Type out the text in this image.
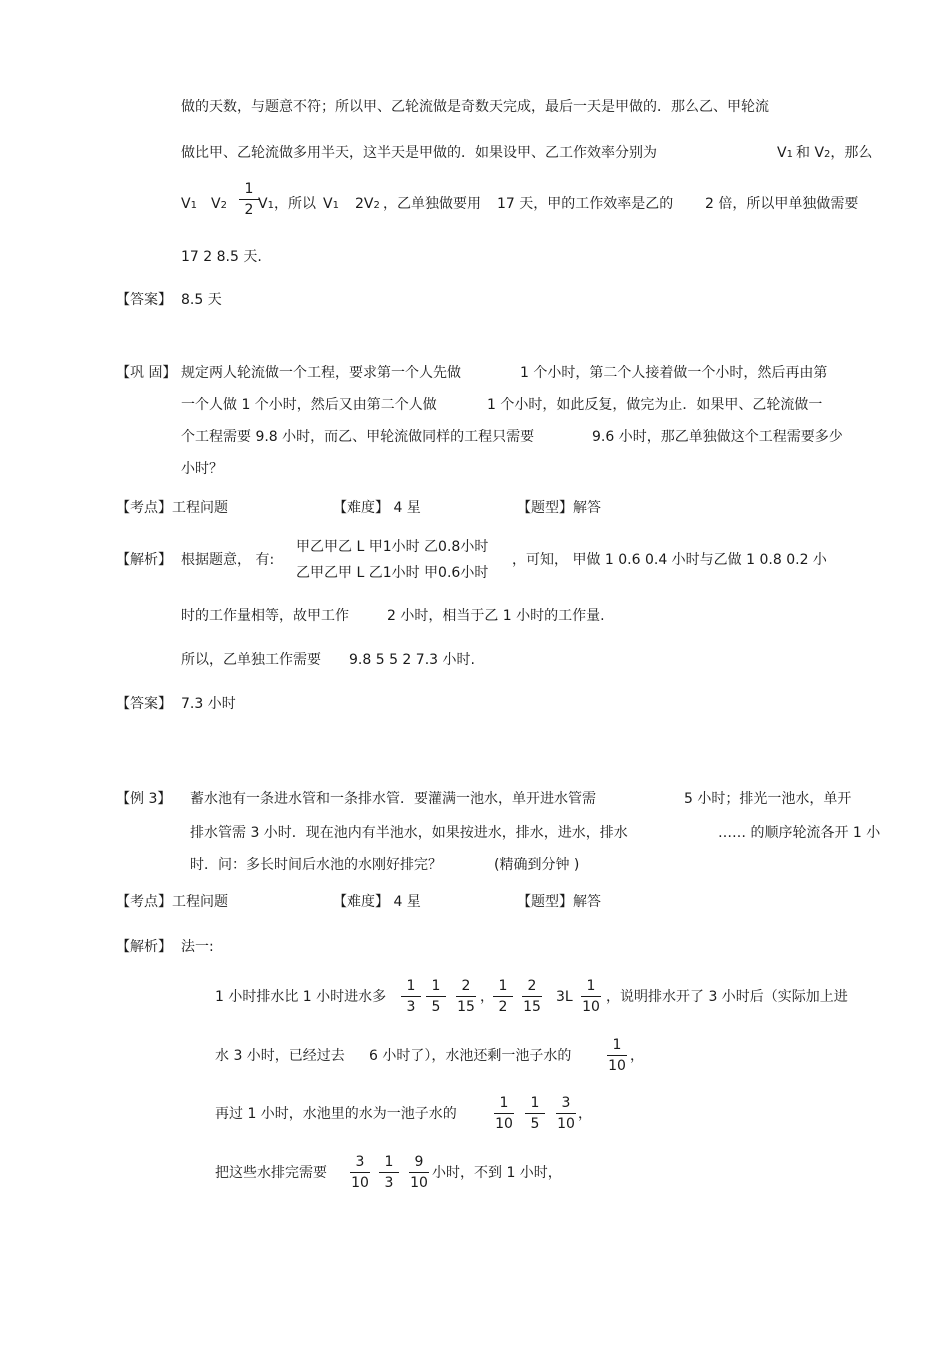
做的天数，与题意不符；所以甲、乙轮流做是奇数天完成，最后一天是甲做的．那么乙、甲轮流
做比甲、乙轮流做多用半天，这半天是甲做的．如果设甲、乙工作效率分别为	V1 和 V2，那么
V1 V2
1
2 V1，所以 V1 2V2 ，乙单独做要用 17 天，甲的工作效率是乙的 2 倍，所以甲单独做需要
17 2 8.5 天.
【答案】 8.5 天
【巩 固】 规定两人轮流做一个工程，要求第一个人先做	1 个小时，第二个人接着做一个小时，然后再由第
一个人做 1 个小时，然后又由第二个人做	1 个小时，如此反复，做完为止．如果甲、乙轮流做一
个工程需要 9.8 小时，而乙、甲轮流做同样的工程只需要	9.6 小时，那乙单独做这个工程需要多少
小时？
【考点】工程问题	【难度】 4 星	【题型】解答
【解析】 根据题意， 有:
甲乙甲乙 L 甲1小时 乙0.8小时
乙甲乙甲 L 乙1小时 甲0.6小时
，可知， 甲做 1 0.6 0.4 小时与乙做 1 0.8 0.2 小
时的工作量相等，故甲工作	2 小时，相当于乙 1 小时的工作量.
所以，乙单独工作需要 9.8 5 5 2 7.3 小时.
【答案】 7.3 小时
【例 3】 蓄水池有一条进水管和一条排水管．要灌满一池水，单开进水管需	5 小时；排光一池水，单开
排水管需 3 小时．现在池内有半池水，如果按进水，排水，进水，排水	…… 的顺序轮流各开 1 小
时．问：多长时间后水池的水刚好排完？	(精确到分钟 )
【考点】工程问题	【难度】 4 星	【题型】解答
【解析】 法一:
1 小时排水比 1 小时进水多
1
3
1
5
2
15
，
1
2
2
15
3L
1
10
，说明排水开了 3 小时后（实际加上进
水 3 小时，已经过去 6 小时了），水池还剩一池子水的
1
10
，
再过 1 小时，水池里的水为一池子水的
1
10
1
5
3
10
，
把这些水排完需要
3
10
1
3
9
10
小时，不到 1 小时，
